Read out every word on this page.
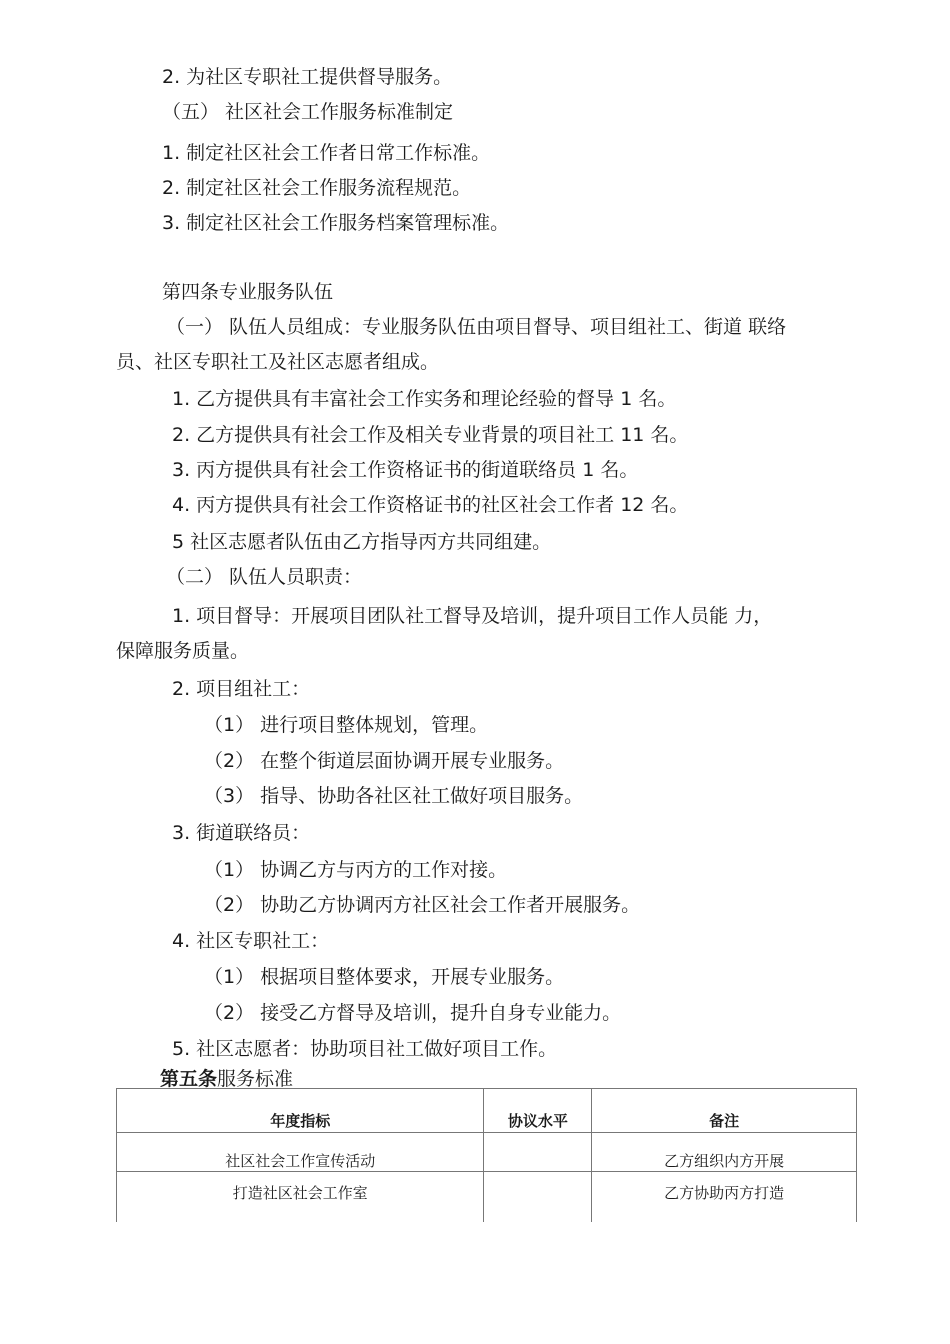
2. 为社区专职社工提供督导服务。
（五） 社区社会工作服务标准制定
1. 制定社区社会工作者日常工作标准。
2. 制定社区社会工作服务流程规范。
3. 制定社区社会工作服务档案管理标准。
第四条专业服务队伍
（一） 队伍人员组成：专业服务队伍由项目督导、项目组社工、街道 联络
员、社区专职社工及社区志愿者组成。
1. 乙方提供具有丰富社会工作实务和理论经验的督导 1 名。
2. 乙方提供具有社会工作及相关专业背景的项目社工 11 名。
3. 丙方提供具有社会工作资格证书的街道联络员 1 名。
4. 丙方提供具有社会工作资格证书的社区社会工作者 12 名。
5 社区志愿者队伍由乙方指导丙方共同组建。
（二） 队伍人员职责：
1. 项目督导：开展项目团队社工督导及培训，提升项目工作人员能 力，
保障服务质量。
2. 项目组社工：
（1） 进行项目整体规划，管理。
（2） 在整个街道层面协调开展专业服务。
（3） 指导、协助各社区社工做好项目服务。
3. 街道联络员：
（1） 协调乙方与丙方的工作对接。
（2） 协助乙方协调丙方社区社会工作者开展服务。
4. 社区专职社工：
（1） 根据项目整体要求，开展专业服务。
（2） 接受乙方督导及培训，提升自身专业能力。
5. 社区志愿者：协助项目社工做好项目工作。
第五条服务标准
年度指标	协议水平	备注
社区社会工作宣传活动		乙方组织内方开展
打造社区社会工作室		乙方协助丙方打造
